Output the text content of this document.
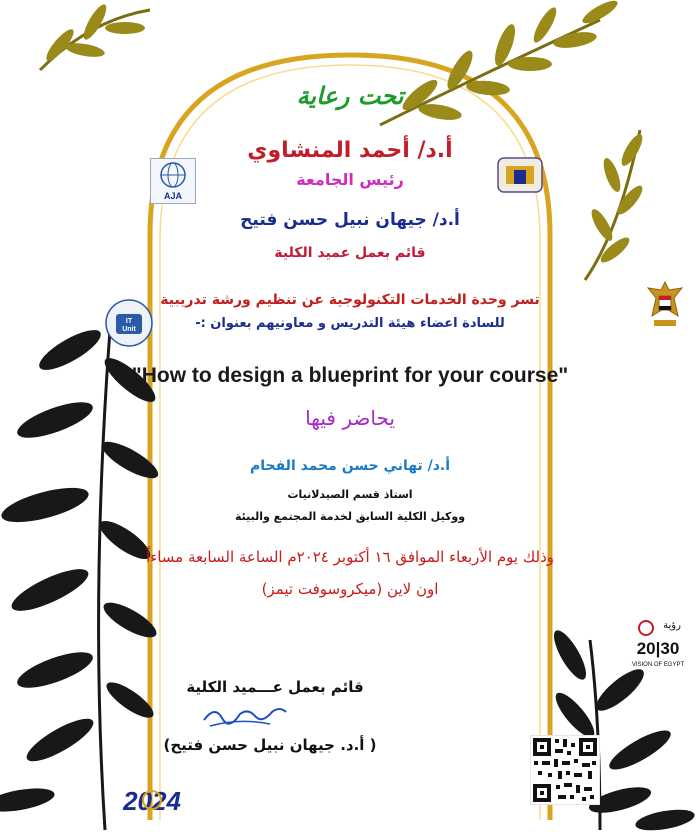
AJA
IT
Unit
رؤية
20|30
VISION OF EGYPT
2024
تحت رعاية
أ.د/ أحمد المنشاوي
رئيس الجامعة
أ.د/ جيهان نبيل حسن فتيح
قائم بعمل عميد الكلية
تسر وحدة الخدمات التكنولوجية عن تنظيم ورشة تدريبية
للسادة اعضاء هيئة التدريس و معاونيهم بعنوان :-
"How to design a blueprint for your course"
يحاضر فيها
أ.د/ تهاني حسن محمد الفحام
استاذ قسم الصيدلانيات
ووكيل الكلية السابق لخدمة المجتمع والبيئة
وذلك يوم الأربعاء الموافق ١٦ أكتوبر ٢٠٢٤م الساعة السابعة مساءاً
اون لاين (ميكروسوفت تيمز)
قائم بعمل عـــميد الكلية
( أ.د. جيهان نبيل حسن فتيح)
